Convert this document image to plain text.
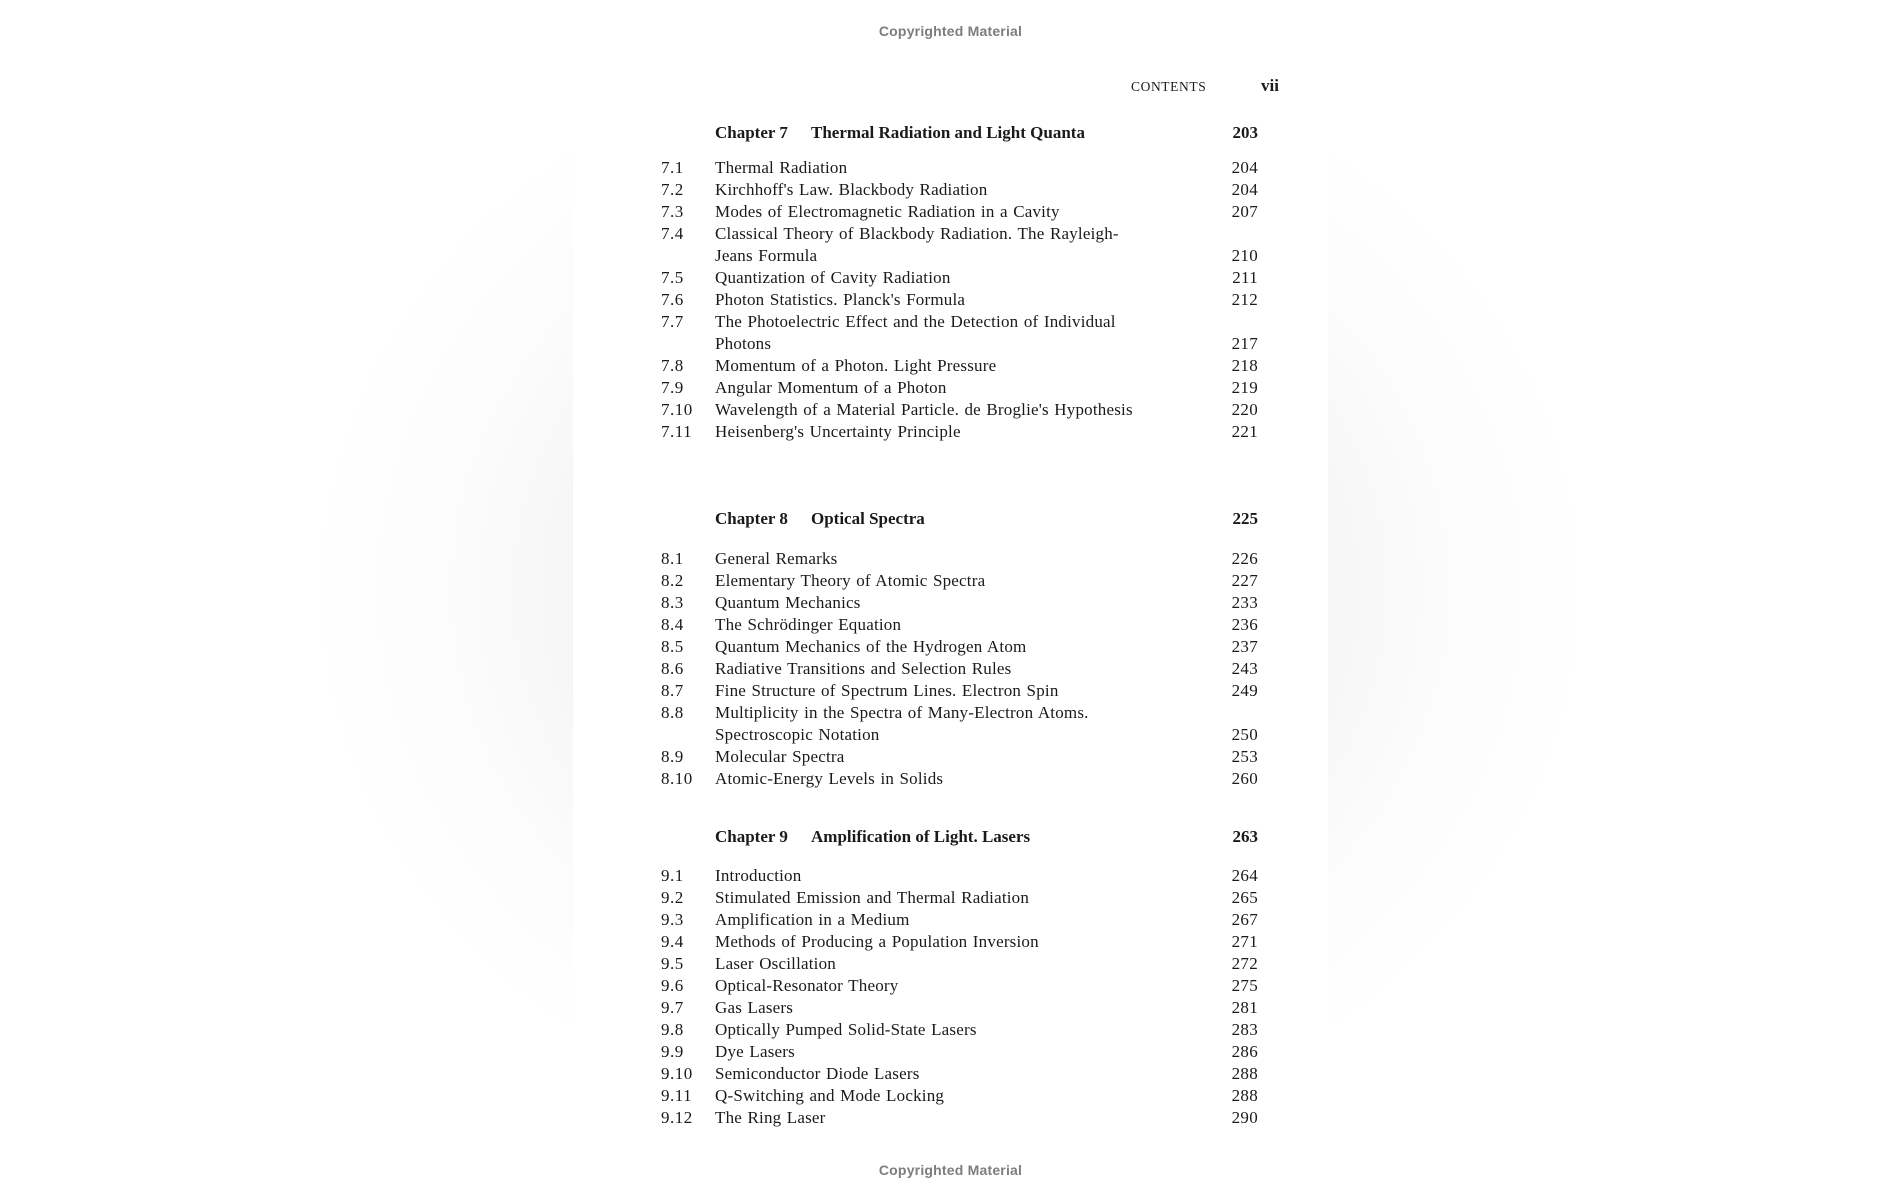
Copyrighted Material
CONTENTS	vii
Chapter 7 Thermal Radiation and Light Quanta	203
7.1 Thermal Radiation	204
7.2 Kirchhoff's Law. Blackbody Radiation	204
7.3 Modes of Electromagnetic Radiation in a Cavity	207
7.4 Classical Theory of Blackbody Radiation. The Rayleigh-Jeans Formula	210
7.5 Quantization of Cavity Radiation	211
7.6 Photon Statistics. Planck's Formula	212
7.7 The Photoelectric Effect and the Detection of Individual Photons	217
7.8 Momentum of a Photon. Light Pressure	218
7.9 Angular Momentum of a Photon	219
7.10 Wavelength of a Material Particle. de Broglie's Hypothesis	220
7.11 Heisenberg's Uncertainty Principle	221
Chapter 8 Optical Spectra	225
8.1 General Remarks	226
8.2 Elementary Theory of Atomic Spectra	227
8.3 Quantum Mechanics	233
8.4 The Schrödinger Equation	236
8.5 Quantum Mechanics of the Hydrogen Atom	237
8.6 Radiative Transitions and Selection Rules	243
8.7 Fine Structure of Spectrum Lines. Electron Spin	249
8.8 Multiplicity in the Spectra of Many-Electron Atoms. Spectroscopic Notation	250
8.9 Molecular Spectra	253
8.10 Atomic-Energy Levels in Solids	260
Chapter 9 Amplification of Light. Lasers	263
9.1 Introduction	264
9.2 Stimulated Emission and Thermal Radiation	265
9.3 Amplification in a Medium	267
9.4 Methods of Producing a Population Inversion	271
9.5 Laser Oscillation	272
9.6 Optical-Resonator Theory	275
9.7 Gas Lasers	281
9.8 Optically Pumped Solid-State Lasers	283
9.9 Dye Lasers	286
9.10 Semiconductor Diode Lasers	288
9.11 Q-Switching and Mode Locking	288
9.12 The Ring Laser	290
Copyrighted Material
